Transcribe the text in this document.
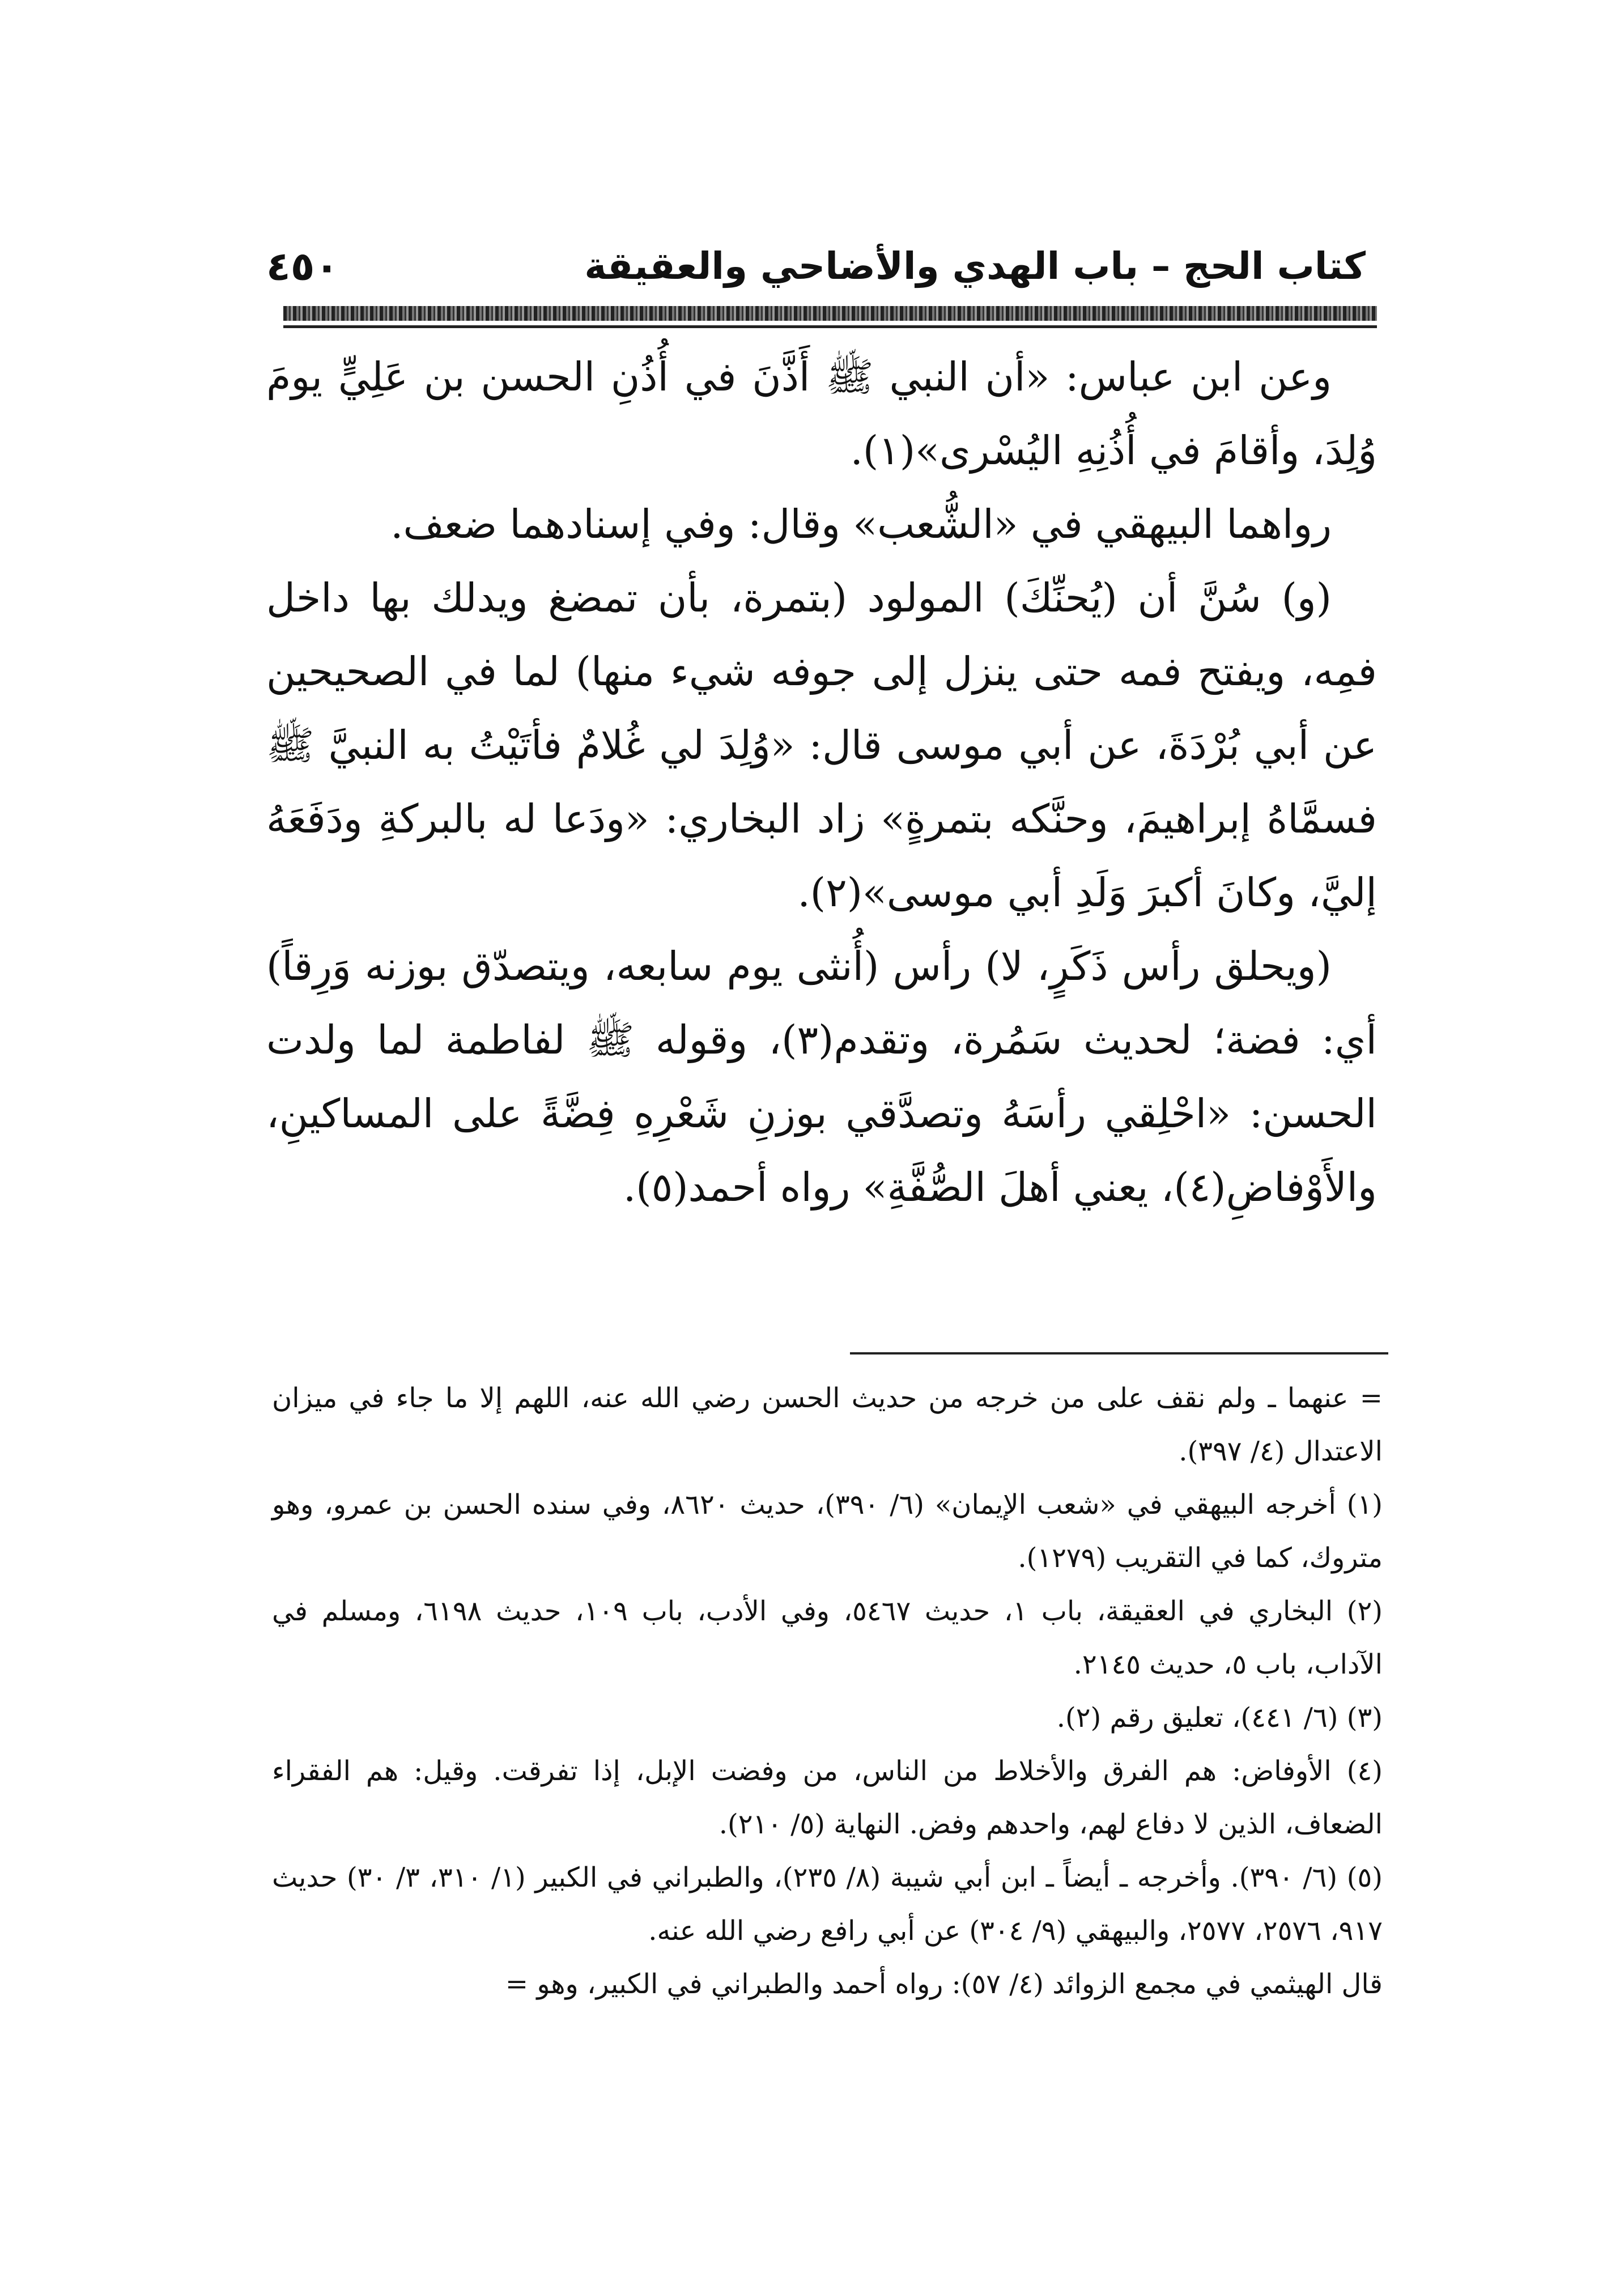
كتاب الحج – باب الهدي والأضاحي والعقيقة
٤٥٠

وعن ابن عباس: «أن النبي ﷺ أَذَّنَ في أُذُنِ الحسن بن عَلِيٍّ يومَ وُلِدَ، وأقامَ في أُذُنِهِ اليُسْرى»(١).

رواهما البيهقي في «الشُّعب» وقال: وفي إسنادهما ضعف.

(و) سُنَّ أن (يُحنِّكَ) المولود (بتمرة، بأن تمضغ ويدلك بها داخل فمِه، ويفتح فمه حتى ينزل إلى جوفه شيء منها) لما في الصحيحين عن أبي بُرْدَةَ، عن أبي موسى قال: «وُلِدَ لي غُلامٌ فأتَيْتُ به النبيَّ ﷺ فسمَّاهُ إبراهيمَ، وحنَّكه بتمرةٍ» زاد البخاري: «ودَعا له بالبركةِ ودَفَعَهُ إليَّ، وكانَ أكبرَ وَلَدِ أبي موسى»(٢).

(ويحلق رأس ذَكَرٍ، لا) رأس (أُنثى يوم سابعه، ويتصدّق بوزنه وَرِقاً) أي: فضة؛ لحديث سَمُرة، وتقدم(٣)، وقوله ﷺ لفاطمة لما ولدت الحسن: «احْلِقي رأسَهُ وتصدَّقي بوزنِ شَعْرِهِ فِضَّةً على المساكينِ، والأَوْفاضِ(٤)، يعني أهلَ الصُّفَّةِ» رواه أحمد(٥).

= عنهما ـ ولم نقف على من خرجه من حديث الحسن رضي الله عنه، اللهم إلا ما جاء في ميزان الاعتدال (٤/ ٣٩٧).

(١) أخرجه البيهقي في «شعب الإيمان» (٦/ ٣٩٠)، حديث ٨٦٢٠، وفي سنده الحسن بن عمرو، وهو متروك، كما في التقريب (١٢٧٩).

(٢) البخاري في العقيقة، باب ١، حديث ٥٤٦٧، وفي الأدب، باب ١٠٩، حديث ٦١٩٨، ومسلم في الآداب، باب ٥، حديث ٢١٤٥.

(٣) (٦/ ٤٤١)، تعليق رقم (٢).

(٤) الأوفاض: هم الفرق والأخلاط من الناس، من وفضت الإبل، إذا تفرقت. وقيل: هم الفقراء الضعاف، الذين لا دفاع لهم، واحدهم وفض. النهاية (٥/ ٢١٠).

(٥) (٦/ ٣٩٠). وأخرجه ـ أيضاً ـ ابن أبي شيبة (٨/ ٢٣٥)، والطبراني في الكبير (١/ ٣١٠، ٣/ ٣٠) حديث ٩١٧، ٢٥٧٦، ٢٥٧٧، والبيهقي (٩/ ٣٠٤) عن أبي رافع رضي الله عنه.

قال الهيثمي في مجمع الزوائد (٤/ ٥٧): رواه أحمد والطبراني في الكبير، وهو =
